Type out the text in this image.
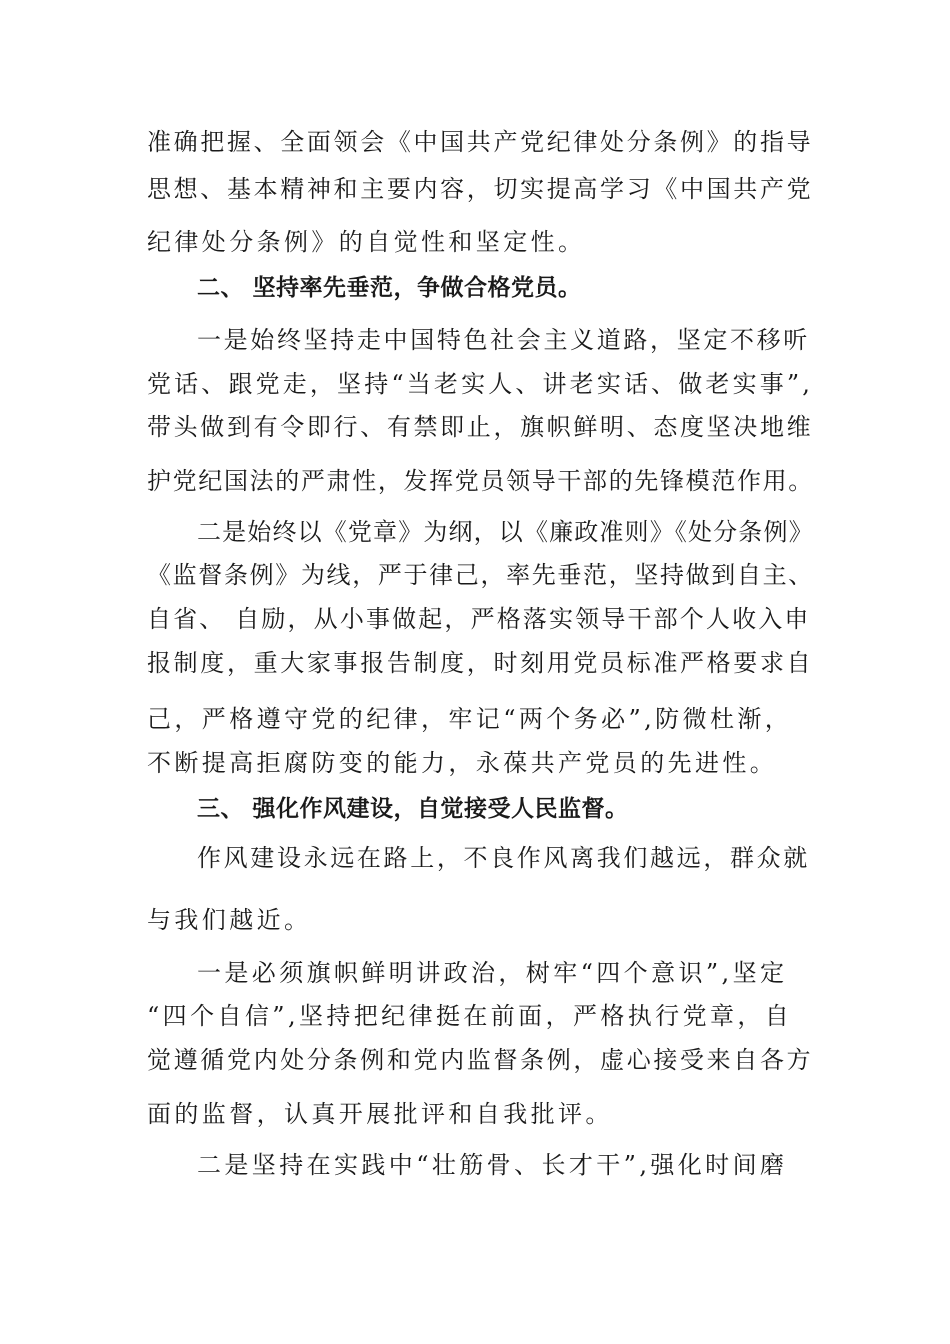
准确把握、全面领会《中国共产党纪律处分条例》的指导
思想、基本精神和主要内容，切实提高学习《中国共产党
纪律处分条例》的自觉性和坚定性。
二、 坚持率先垂范，争做合格党员。
一是始终坚持走中国特色社会主义道路，坚定不移听
党话、跟党走，坚持“当老实人、讲老实话、做老实事”,
带头做到有令即行、有禁即止，旗帜鲜明、态度坚决地维
护党纪国法的严肃性，发挥党员领导干部的先锋模范作用。
二是始终以《党章》为纲，以《廉政准则》《处分条例》
《监督条例》为线，严于律己，率先垂范，坚持做到自主、
自省、 自励，从小事做起，严格落实领导干部个人收入申
报制度，重大家事报告制度，时刻用党员标准严格要求自
己，严格遵守党的纪律，牢记“两个务必”,防微杜渐，
不断提高拒腐防变的能力，永葆共产党员的先进性。
三、 强化作风建设，自觉接受人民监督。
作风建设永远在路上，不良作风离我们越远，群众就
与我们越近。
一是必须旗帜鲜明讲政治，树牢“四个意识”,坚定
“四个自信”,坚持把纪律挺在前面，严格执行党章，自
觉遵循党内处分条例和党内监督条例，虚心接受来自各方
面的监督，认真开展批评和自我批评。
二是坚持在实践中“壮筋骨、长才干”,强化时间磨
